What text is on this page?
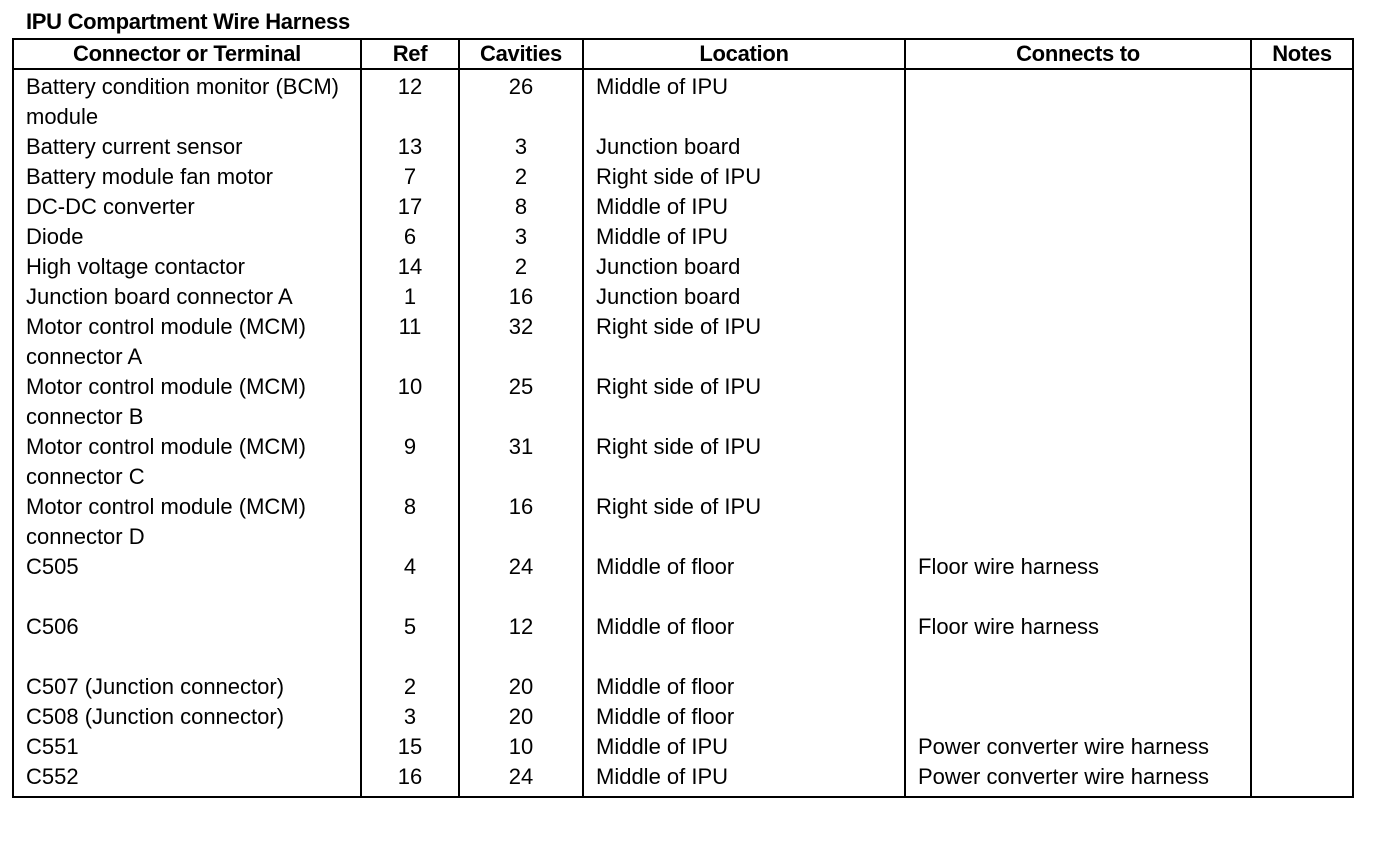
IPU Compartment Wire Harness
Connector or Terminal	Ref	Cavities	Location	Connects to	Notes
Battery condition monitor (BCM) module	12	26	Middle of IPU		
Battery current sensor	13	3	Junction board		
Battery module fan motor	7	2	Right side of IPU		
DC-DC converter	17	8	Middle of IPU		
Diode	6	3	Middle of IPU		
High voltage contactor	14	2	Junction board		
Junction board connector A	1	16	Junction board		
Motor control module (MCM) connector A	11	32	Right side of IPU		
Motor control module (MCM) connector B	10	25	Right side of IPU		
Motor control module (MCM) connector C	9	31	Right side of IPU		
Motor control module (MCM) connector D	8	16	Right side of IPU		
C505	4	24	Middle of floor	Floor wire harness	

C506	5	12	Middle of floor	Floor wire harness	

C507 (Junction connector)	2	20	Middle of floor		
C508 (Junction connector)	3	20	Middle of floor		
C551	15	10	Middle of IPU	Power converter wire harness	
C552	16	24	Middle of IPU	Power converter wire harness	
